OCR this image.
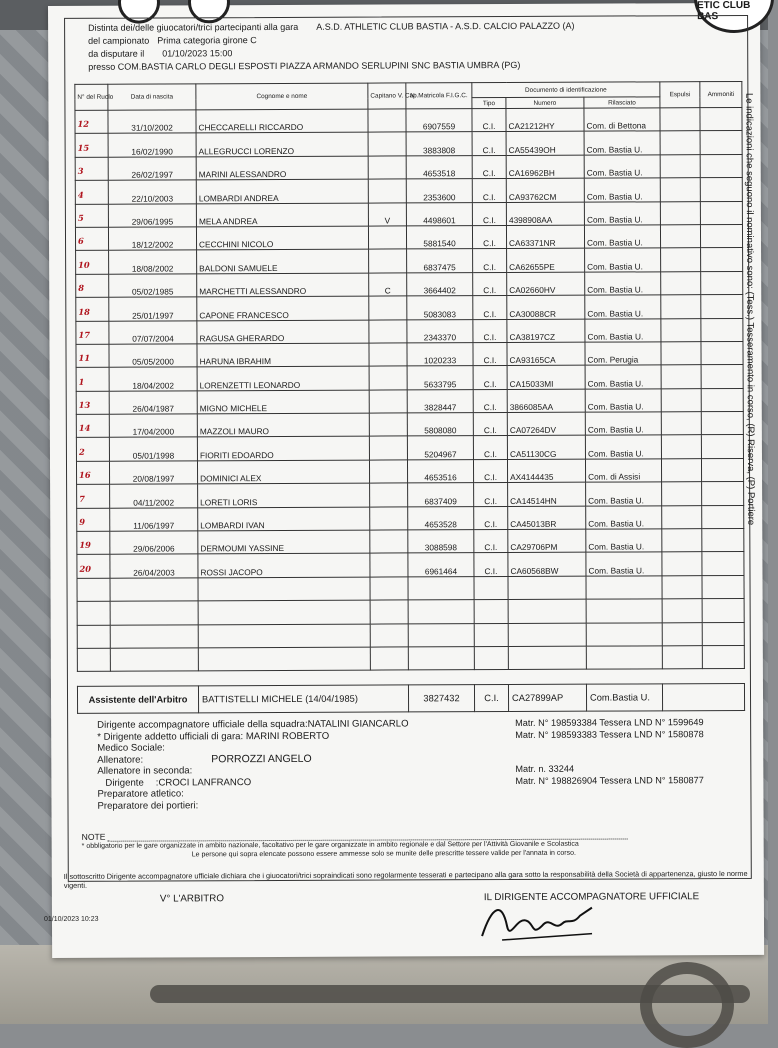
ETIC CLUB BAS
Distinta dei/delle giuocatori/trici partecipanti alla gara A.S.D. ATHLETIC CLUB BASTIA - A.S.D. CALCIO PALAZZO (A)
del campionato Prima categoria girone C
da disputare il 01/10/2023 15:00
presso COM.BASTIA CARLO DEGLI ESPOSTI PIAZZA ARMANDO SERLUPINI SNC BASTIA UMBRA (PG)
Le indicazioni che seguono il nominativo sono: (Tess.) Tesseramento in corso, (R) Riserva, (P) Portiere
N° del Ruolo	Data di nascita	Cognome e nome	Capitano V. Cap.	N. Matricola F.I.G.C.	Documento di identificazione			Espulsi	Ammoniti
					Tipo	Numero	Rilasciato		
12	31/10/2002	CHECCARELLI RICCARDO		6907559	C.I.	CA21212HY	Com. di Bettona		
15	16/02/1990	ALLEGRUCCI LORENZO		3883808	C.I.	CA55439OH	Com. Bastia U.		
3	26/02/1997	MARINI ALESSANDRO		4653518	C.I.	CA16962BH	Com. Bastia U.		
4	22/10/2003	LOMBARDI ANDREA		2353600	C.I.	CA93762CM	Com. Bastia U.		
5	29/06/1995	MELA ANDREA	V	4498601	C.I.	4398908AA	Com. Bastia U.		
6	18/12/2002	CECCHINI NICOLO		5881540	C.I.	CA63371NR	Com. Bastia U.		
10	18/08/2002	BALDONI SAMUELE		6837475	C.I.	CA62655PE	Com. Bastia U.		
8	05/02/1985	MARCHETTI ALESSANDRO	C	3664402	C.I.	CA02660HV	Com. Bastia U.		
18	25/01/1997	CAPONE FRANCESCO		5083083	C.I.	CA30088CR	Com. Bastia U.		
17	07/07/2004	RAGUSA GHERARDO		2343370	C.I.	CA38197CZ	Com. Bastia U.		
11	05/05/2000	HARUNA IBRAHIM		1020233	C.I.	CA93165CA	Com. Perugia		
1	18/04/2002	LORENZETTI LEONARDO		5633795	C.I.	CA15033MI	Com. Bastia U.		
13	26/04/1987	MIGNO MICHELE		3828447	C.I.	3866085AA	Com. Bastia U.		
14	17/04/2000	MAZZOLI MAURO		5808080	C.I.	CA07264DV	Com. Bastia U.		
2	05/01/1998	FIORITI EDOARDO		5204967	C.I.	CA51130CG	Com. Bastia U.		
16	20/08/1997	DOMINICI ALEX		4653516	C.I.	AX4144435	Com. di Assisi		
7	04/11/2002	LORETI LORIS		6837409	C.I.	CA14514HN	Com. Bastia U.		
9	11/06/1997	LOMBARDI IVAN		4653528	C.I.	CA45013BR	Com. Bastia U.		
19	29/06/2006	DERMOUMI YASSINE		3088598	C.I.	CA29706PM	Com. Bastia U.		
20	26/04/2003	ROSSI JACOPO		6961464	C.I.	CA60568BW	Com. Bastia U.		

Assistente dell'Arbitro	BATTISTELLI MICHELE (14/04/1985)	3827432	C.I.	CA27899AP	Com.Bastia U.	
Dirigente accompagnatore ufficiale della squadra:NATALINI GIANCARLO	Matr. N° 198593384 Tessera LND N° 1599649
* Dirigente addetto ufficiali di gara: MARINI ROBERTO	Matr. N° 198593383 Tessera LND N° 1580878
Medico Sociale:
Allenatore:	PORROZZI ANGELO
Allenatore in seconda:	Matr. n. 33244
Dirigente :CROCI LANFRANCO	Matr. N° 198826904 Tessera LND N° 1580877
Preparatore atletico:
Preparatore dei portieri:
NOTE
* obbligatorio per le gare organizzate in ambito nazionale, facoltativo per le gare organizzate in ambito regionale e dal Settore per l'Attività Giovanile e Scolastica
Le persone qui sopra elencate possono essere ammesse solo se munite delle prescritte tessere valide per l'annata in corso.
Il sottoscritto Dirigente accompagnatore ufficiale dichiara che i giuocatori/trici sopraindicati sono regolarmente tesserati e partecipano alla gara sotto la responsabilità della Società di appartenenza, giusto le norme vigenti.
V° L'ARBITRO	IL DIRIGENTE ACCOMPAGNATORE UFFICIALE
01/10/2023 10:23
